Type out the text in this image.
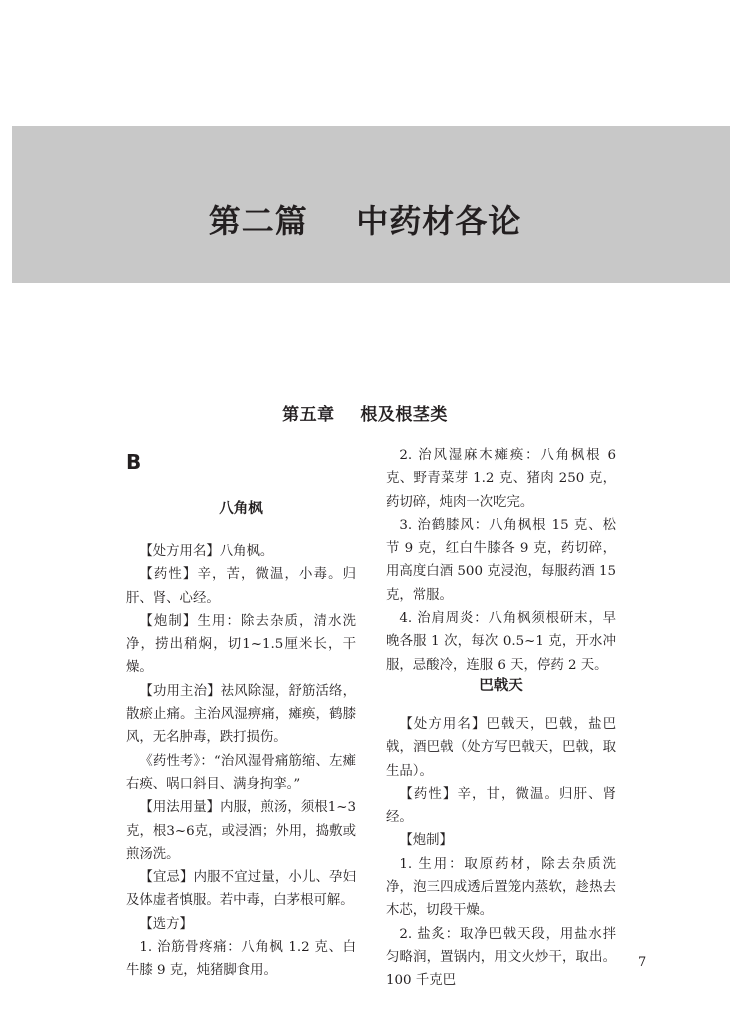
第二篇    中药材各论
第五章    根及根茎类
B
八角枫

【处方用名】八角枫。

【药性】辛，苦，微温，小毒。归肝、肾、心经。

【炮制】生用：除去杂质，清水洗净，捞出稍焖，切1~1.5厘米长，干燥。

【功用主治】祛风除湿，舒筋活络，散瘀止痛。主治风湿痹痛，瘫痪，鹤膝风，无名肿毒，跌打损伤。

《药性考》：“治风湿骨痛筋缩、左瘫右痪、㖞口斜目、满身拘挛。”

【用法用量】内服，煎汤，须根1~3克，根3~6克，或浸酒；外用，捣敷或煎汤洗。

【宜忌】内服不宜过量，小儿、孕妇及体虚者慎服。若中毒，白茅根可解。

【选方】

1. 治筋骨疼痛：八角枫 1.2 克、白牛膝 9 克，炖猪脚食用。

2. 治风湿麻木瘫痪：八角枫根 6 克、野青菜芽 1.2 克、猪肉 250 克，药切碎，炖肉一次吃完。

3. 治鹤膝风：八角枫根 15 克、松节 9 克，红白牛膝各 9 克，药切碎，用高度白酒 500 克浸泡，每服药酒 15 克，常服。

4. 治肩周炎：八角枫须根研末，早晚各服 1 次，每次 0.5~1 克，开水冲服，忌酸冷，连服 6 天，停药 2 天。

巴戟天

【处方用名】巴戟天，巴戟，盐巴戟，酒巴戟（处方写巴戟天，巴戟，取生品）。

【药性】辛，甘，微温。归肝、肾经。

【炮制】

1. 生用：取原药材，除去杂质洗净，泡三四成透后置笼内蒸软，趁热去木芯，切段干燥。

2. 盐炙：取净巴戟天段，用盐水拌匀略润，置锅内，用文火炒干，取出。100 千克巴

7
